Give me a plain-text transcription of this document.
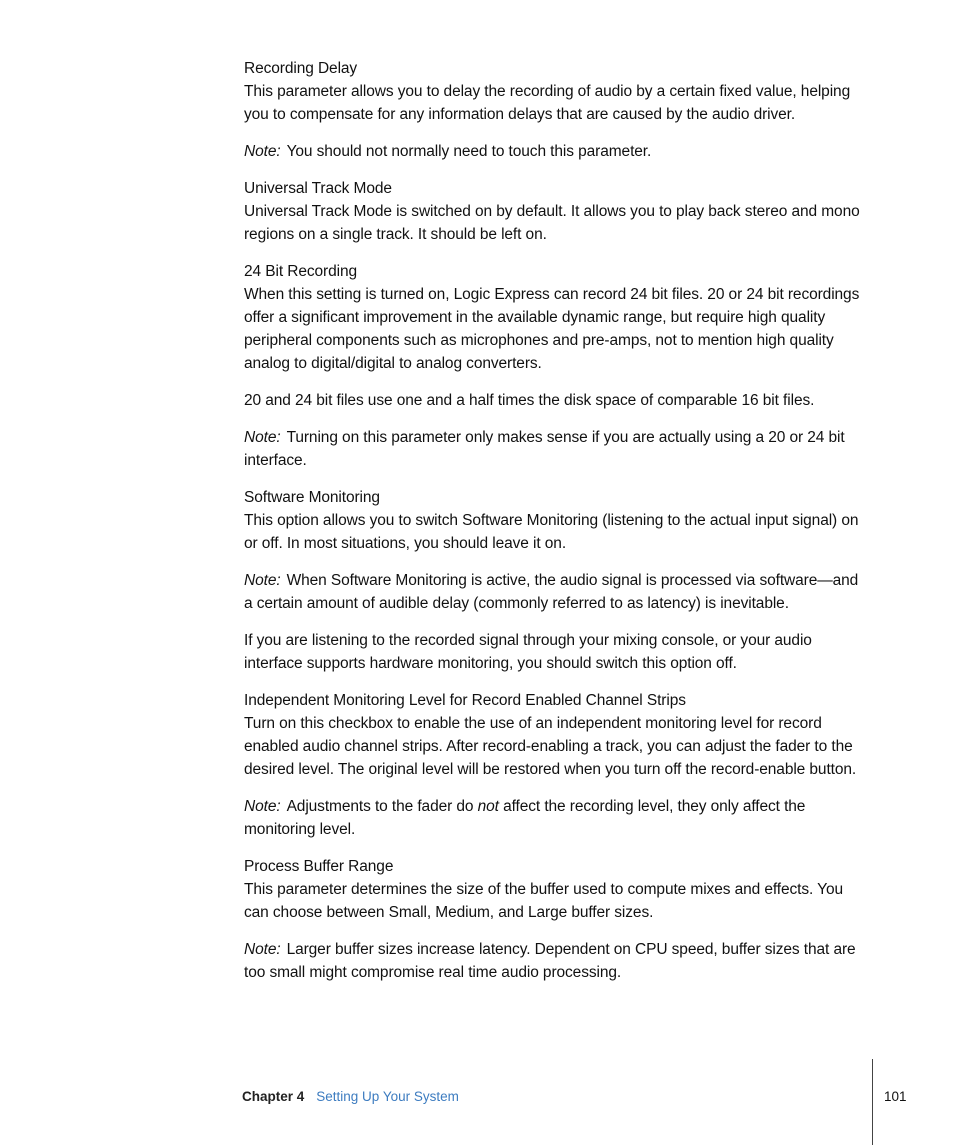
Recording Delay

This parameter allows you to delay the recording of audio by a certain fixed value, helping you to compensate for any information delays that are caused by the audio driver.

Note: You should not normally need to touch this parameter.

Universal Track Mode

Universal Track Mode is switched on by default. It allows you to play back stereo and mono regions on a single track. It should be left on.

24 Bit Recording

When this setting is turned on, Logic Express can record 24 bit files. 20 or 24 bit recordings offer a significant improvement in the available dynamic range, but require high quality peripheral components such as microphones and pre-amps, not to mention high quality analog to digital/digital to analog converters.

20 and 24 bit files use one and a half times the disk space of comparable 16 bit files.

Note: Turning on this parameter only makes sense if you are actually using a 20 or 24 bit interface.

Software Monitoring

This option allows you to switch Software Monitoring (listening to the actual input signal) on or off. In most situations, you should leave it on.

Note: When Software Monitoring is active, the audio signal is processed via software—and a certain amount of audible delay (commonly referred to as latency) is inevitable.

If you are listening to the recorded signal through your mixing console, or your audio interface supports hardware monitoring, you should switch this option off.

Independent Monitoring Level for Record Enabled Channel Strips

Turn on this checkbox to enable the use of an independent monitoring level for record enabled audio channel strips. After record-enabling a track, you can adjust the fader to the desired level. The original level will be restored when you turn off the record-enable button.

Note: Adjustments to the fader do not affect the recording level, they only affect the monitoring level.

Process Buffer Range

This parameter determines the size of the buffer used to compute mixes and effects. You can choose between Small, Medium, and Large buffer sizes.

Note: Larger buffer sizes increase latency. Dependent on CPU speed, buffer sizes that are too small might compromise real time audio processing.

Chapter 4 Setting Up Your System	101
